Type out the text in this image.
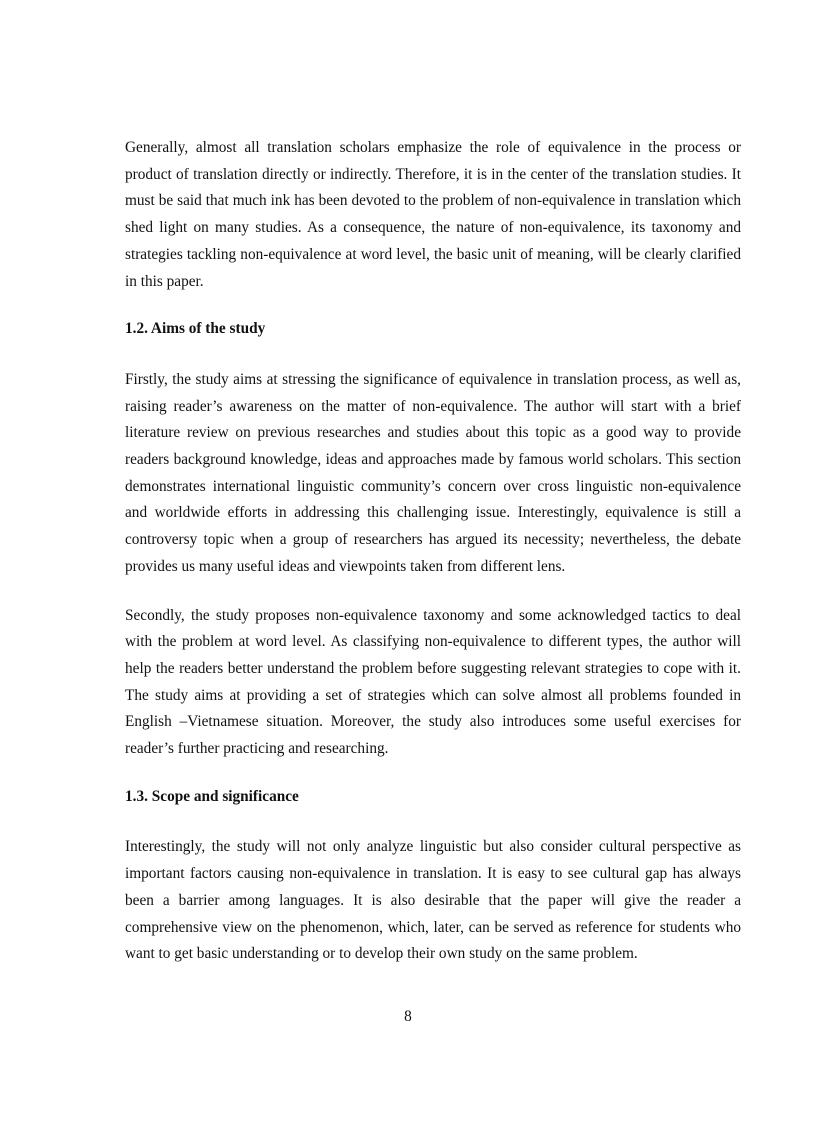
Generally, almost all translation scholars emphasize the role of equivalence in the process or product of translation directly or indirectly. Therefore, it is in the center of the translation studies. It must be said that much ink has been devoted to the problem of non-equivalence in translation which shed light on many studies. As a consequence, the nature of non-equivalence, its taxonomy and strategies tackling non-equivalence at word level, the basic unit of meaning, will be clearly clarified in this paper.

1.2. Aims of the study

Firstly, the study aims at stressing the significance of equivalence in translation process, as well as, raising reader’s awareness on the matter of non-equivalence. The author will start with a brief literature review on previous researches and studies about this topic as a good way to provide readers background knowledge, ideas and approaches made by famous world scholars. This section demonstrates international linguistic community’s concern over cross linguistic non-equivalence and worldwide efforts in addressing this challenging issue. Interestingly, equivalence is still a controversy topic when a group of researchers has argued its necessity; nevertheless, the debate provides us many useful ideas and viewpoints taken from different lens.

Secondly, the study proposes non-equivalence taxonomy and some acknowledged tactics to deal with the problem at word level. As classifying non-equivalence to different types, the author will help the readers better understand the problem before suggesting relevant strategies to cope with it. The study aims at providing a set of strategies which can solve almost all problems founded in English –Vietnamese situation. Moreover, the study also introduces some useful exercises for reader’s further practicing and researching.

1.3. Scope and significance

Interestingly, the study will not only analyze linguistic but also consider cultural perspective as important factors causing non-equivalence in translation. It is easy to see cultural gap has always been a barrier among languages. It is also desirable that the paper will give the reader a comprehensive view on the phenomenon, which, later, can be served as reference for students who want to get basic understanding or to develop their own study on the same problem.

8
